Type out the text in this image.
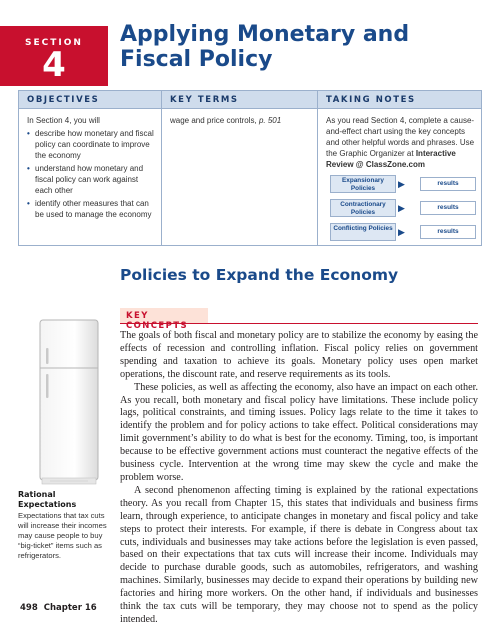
SECTION
4
Applying Monetary and Fiscal Policy
OBJECTIVES
In Section 4, you will
• describe how monetary and fiscal policy can coordinate to improve the economy
• understand how monetary and fiscal policy can work against each other
• identify other measures that can be used to manage the economy
KEY TERMS
wage and price controls, p. 501
TAKING NOTES
As you read Section 4, complete a cause-and-effect chart using the key concepts and other helpful words and phrases. Use the Graphic Organizer at Interactive Review @ ClassZone.com
Expansionary Policies	▶	results
Contractionary Policies	▶	results
Conflicting Policies ▶	results
Policies to Expand the Economy
KEY CONCEPTS
Rational Expectations
Expectations that tax cuts will increase their incomes may cause people to buy “big-ticket” items such as refrigerators.

The goals of both fiscal and monetary policy are to stabilize the economy by easing the effects of recession and controlling inflation. Fiscal policy relies on government spending and taxation to achieve its goals. Monetary policy uses open market operations, the discount rate, and reserve requirements as its tools.

These policies, as well as affecting the economy, also have an impact on each other. As you recall, both monetary and fiscal policy have limitations. These include policy lags, political constraints, and timing issues. Policy lags relate to the time it takes to identify the problem and for policy actions to take effect. Political considerations may limit government’s ability to do what is best for the economy. Timing, too, is important because to be effective government actions must counteract the negative effects of the business cycle. Intervention at the wrong time may skew the cycle and make the problem worse.

A second phenomenon affecting timing is explained by the rational expectations theory. As you recall from Chapter 15, this states that individuals and business firms learn, through experience, to anticipate changes in monetary and fiscal policy and take steps to protect their interests. For example, if there is debate in Congress about tax cuts, individuals and businesses may take actions before the legislation is even passed, based on their expectations that tax cuts will increase their income. Individuals may decide to purchase durable goods, such as automobiles, refrigerators, and washing machines. Similarly, businesses may decide to expand their operations by building new factories and hiring more workers. On the other hand, if individuals and businesses think the tax cuts will be temporary, they may choose not to spend as the policy intended.

498 Chapter 16
